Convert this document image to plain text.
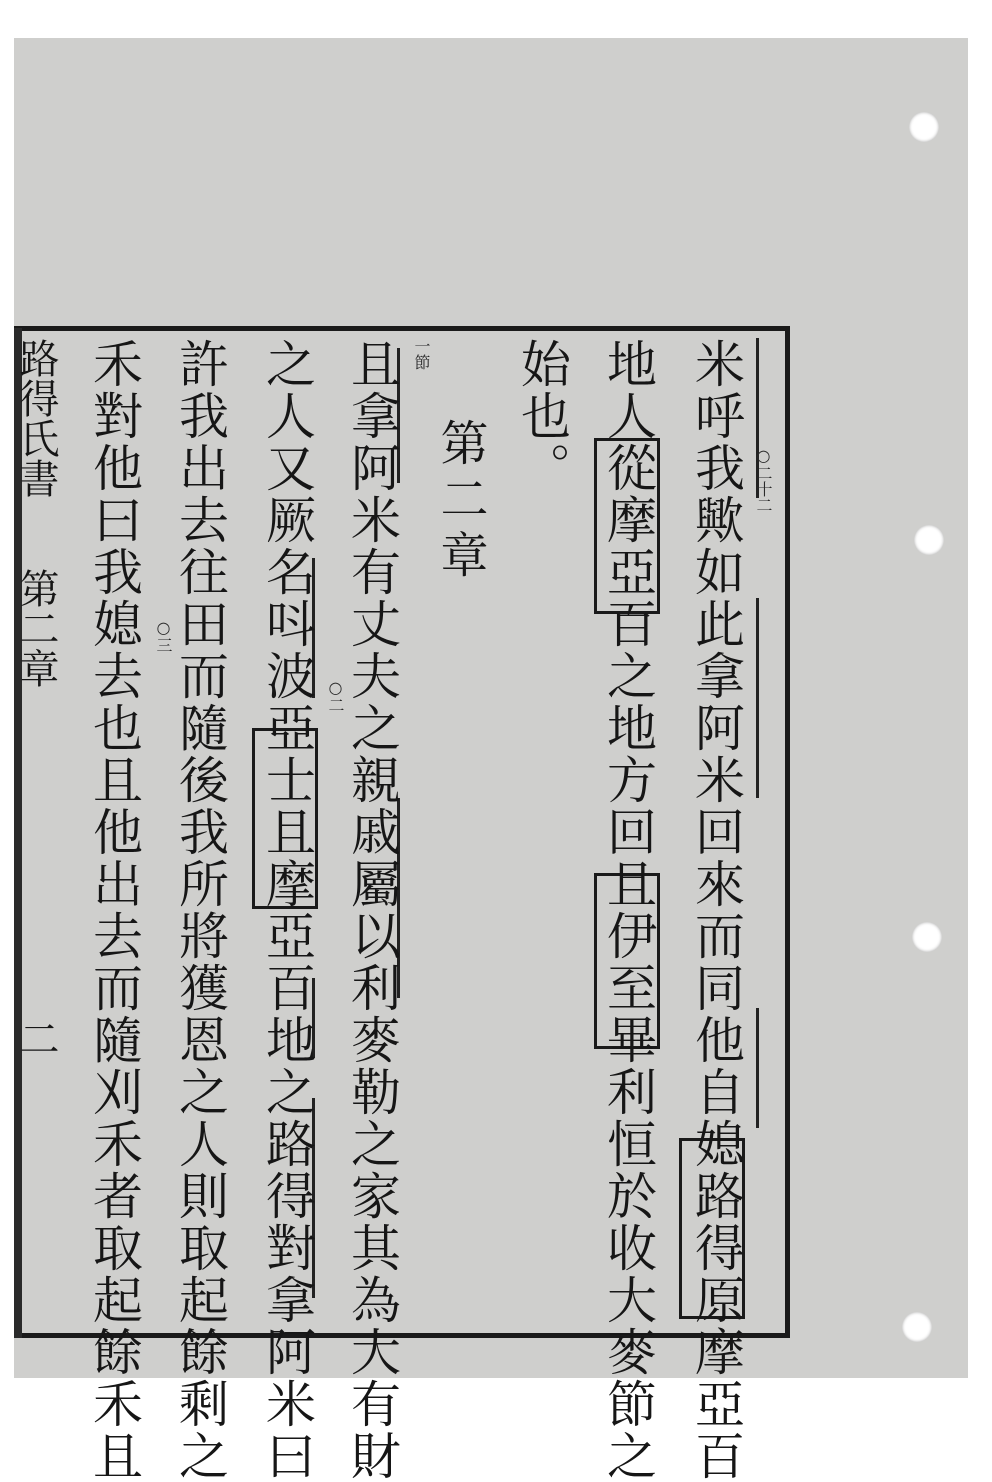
米呼我歟如此拿阿米回來而同他自媳路得原摩亞百
地人從摩亞百之地方回且伊至畢利恒於收大麥節之
始也。
第二章
且拿阿米有丈夫之親戚屬以利麥勒之家其為大有財
之人又厥名呌波亞士且摩亞百地之路得對拿阿米曰
許我出去往田而隨後我所將獲恩之人則取起餘剩之
禾對他曰我媳去也且他出去而隨刈禾者取起餘禾且	○二十二
一節
○二
○三
路得氏書
第二章
二
